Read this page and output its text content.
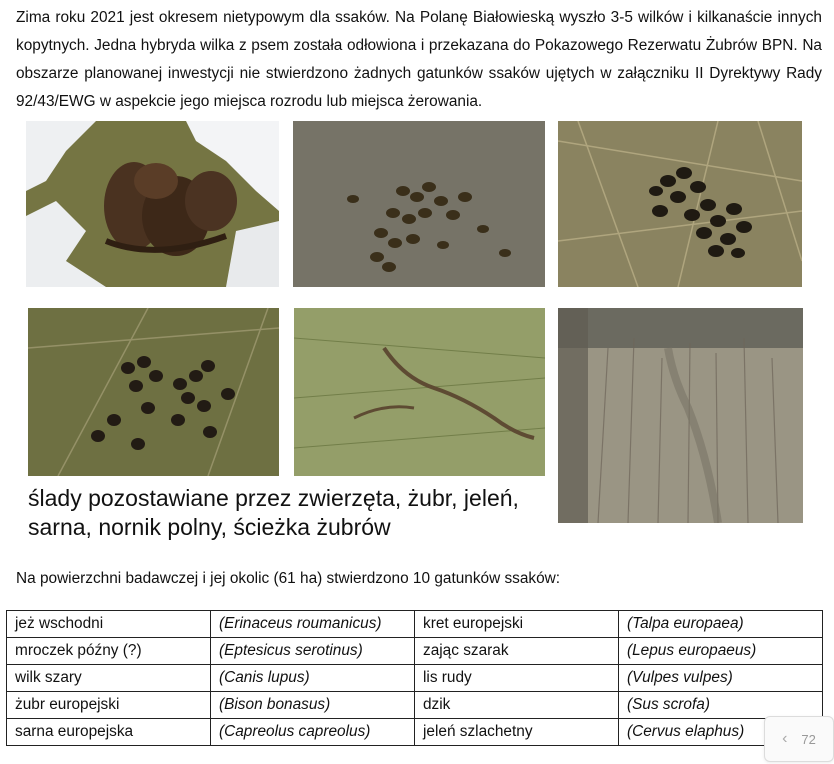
Zima roku 2021 jest okresem nietypowym dla ssaków. Na Polanę Białowieską wyszło 3-5 wilków i kilkanaście innych kopytnych. Jedna hybryda wilka z psem została odłowiona i przekazana do Pokazowego Rezerwatu Żubrów BPN. Na obszarze planowanej inwestycji nie stwierdzono żadnych gatunków ssaków ujętych w załączniku II Dyrektywy Rady 92/43/EWG w aspekcie jego miejsca rozrodu lub miejsca żerowania.

ślady pozostawiane przez zwierzęta, żubr, jeleń,
sarna, nornik polny, ścieżka żubrów

Na powierzchni badawczej i jej okolic (61 ha) stwierdzono 10 gatunków ssaków:

jeż wschodni	(Erinaceus roumanicus)	kret europejski	(Talpa europaea)
mroczek późny (?)	(Eptesicus serotinus)	zając szarak	(Lepus europaeus)
wilk szary	(Canis lupus)	lis rudy	(Vulpes vulpes)
żubr europejski	(Bison bonasus)	dzik	(Sus scrofa)
sarna europejska	(Capreolus capreolus)	jeleń szlachetny	(Cervus elaphus) ‹ 72
